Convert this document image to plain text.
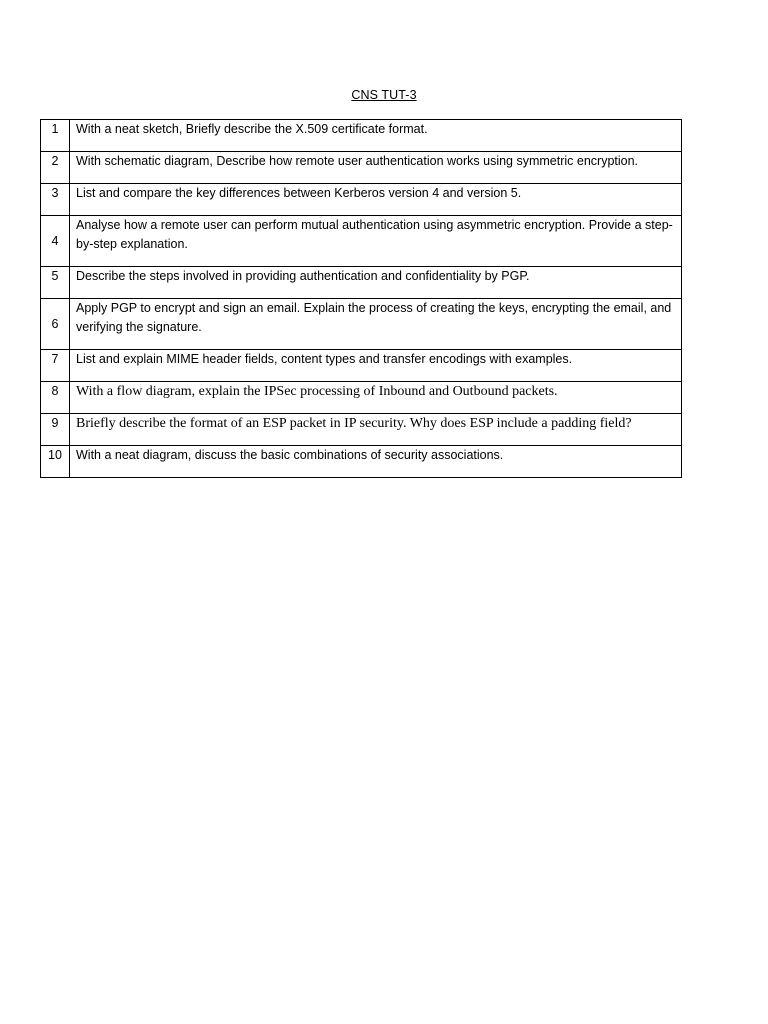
CNS TUT-3
1	With a neat sketch, Briefly describe the X.509 certificate format.

2	With schematic diagram, Describe how remote user authentication works using symmetric encryption.

3	List and compare the key differences between Kerberos version 4 and version 5.

4	Analyse how a remote user can perform mutual authentication using asymmetric encryption. Provide a step-by-step explanation.

5	Describe the steps involved in providing authentication and confidentiality by PGP.

6	Apply PGP to encrypt and sign an email. Explain the process of creating the keys, encrypting the email, and verifying the signature.

7	List and explain MIME header fields, content types and transfer encodings with examples.

8	With a flow diagram, explain the IPSec processing of Inbound and Outbound packets.

9	Briefly describe the format of an ESP packet in IP security. Why does ESP include a padding field?

10	With a neat diagram, discuss the basic combinations of security associations.
